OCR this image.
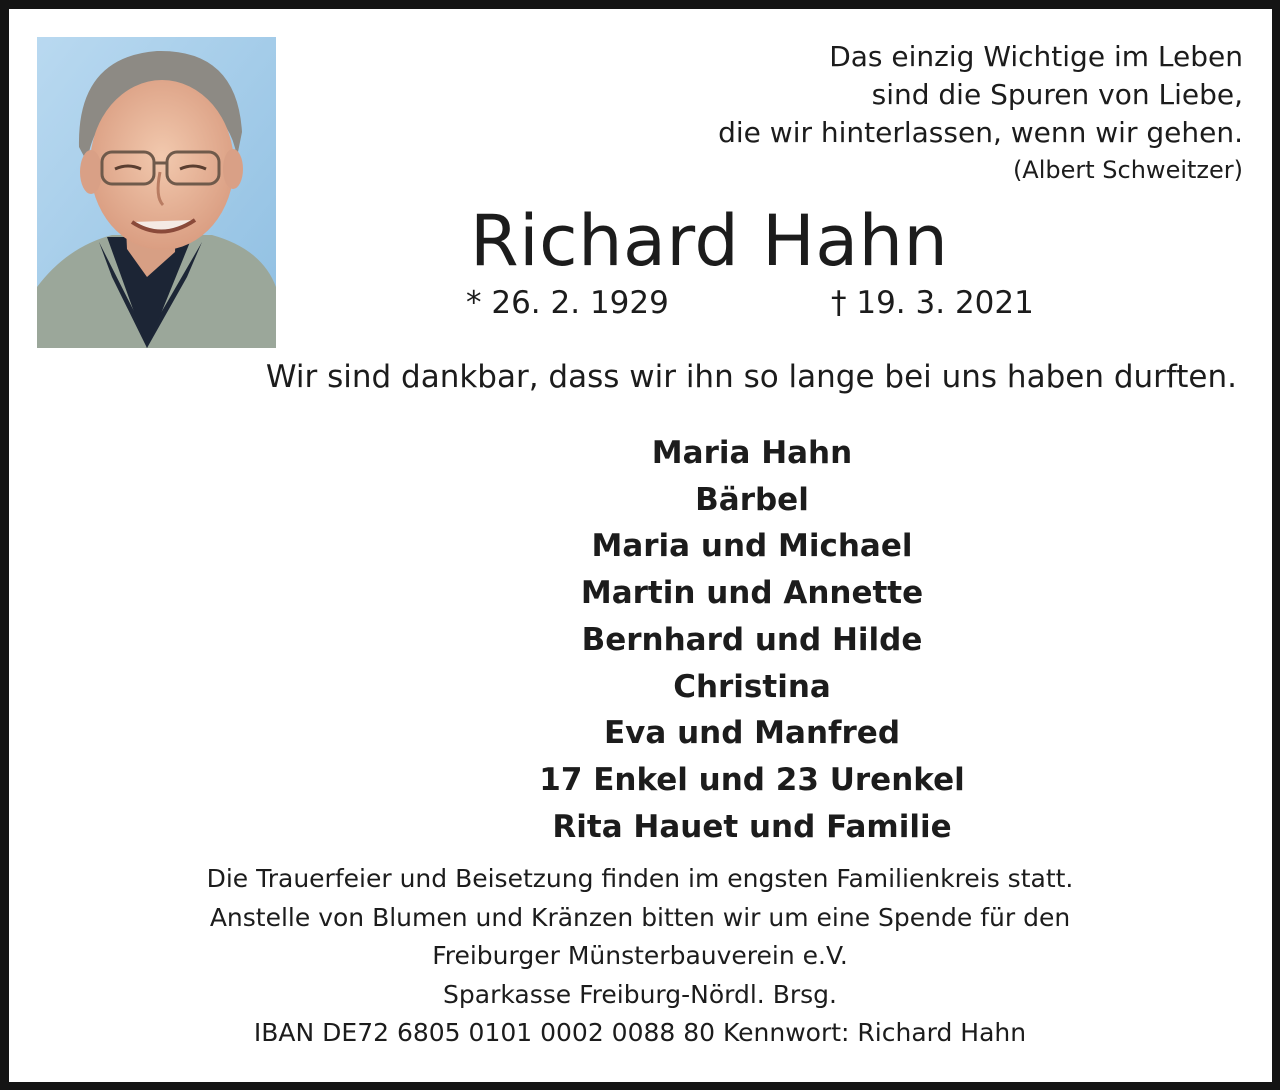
Das einzig Wichtige im Leben
sind die Spuren von Liebe,
die wir hinterlassen, wenn wir gehen.
(Albert Schweitzer)
Richard Hahn
* 26. 2. 1929	† 19. 3. 2021
Wir sind dankbar, dass wir ihn so lange bei uns haben durften.
Maria Hahn
Bärbel
Maria und Michael
Martin und Annette
Bernhard und Hilde
Christina
Eva und Manfred
17 Enkel und 23 Urenkel
Rita Hauet und Familie
Die Trauerfeier und Beisetzung finden im engsten Familienkreis statt.
Anstelle von Blumen und Kränzen bitten wir um eine Spende für den
Freiburger Münsterbauverein e.V.
Sparkasse Freiburg-Nördl. Brsg.
IBAN DE72 6805 0101 0002 0088 80 Kennwort: Richard Hahn
